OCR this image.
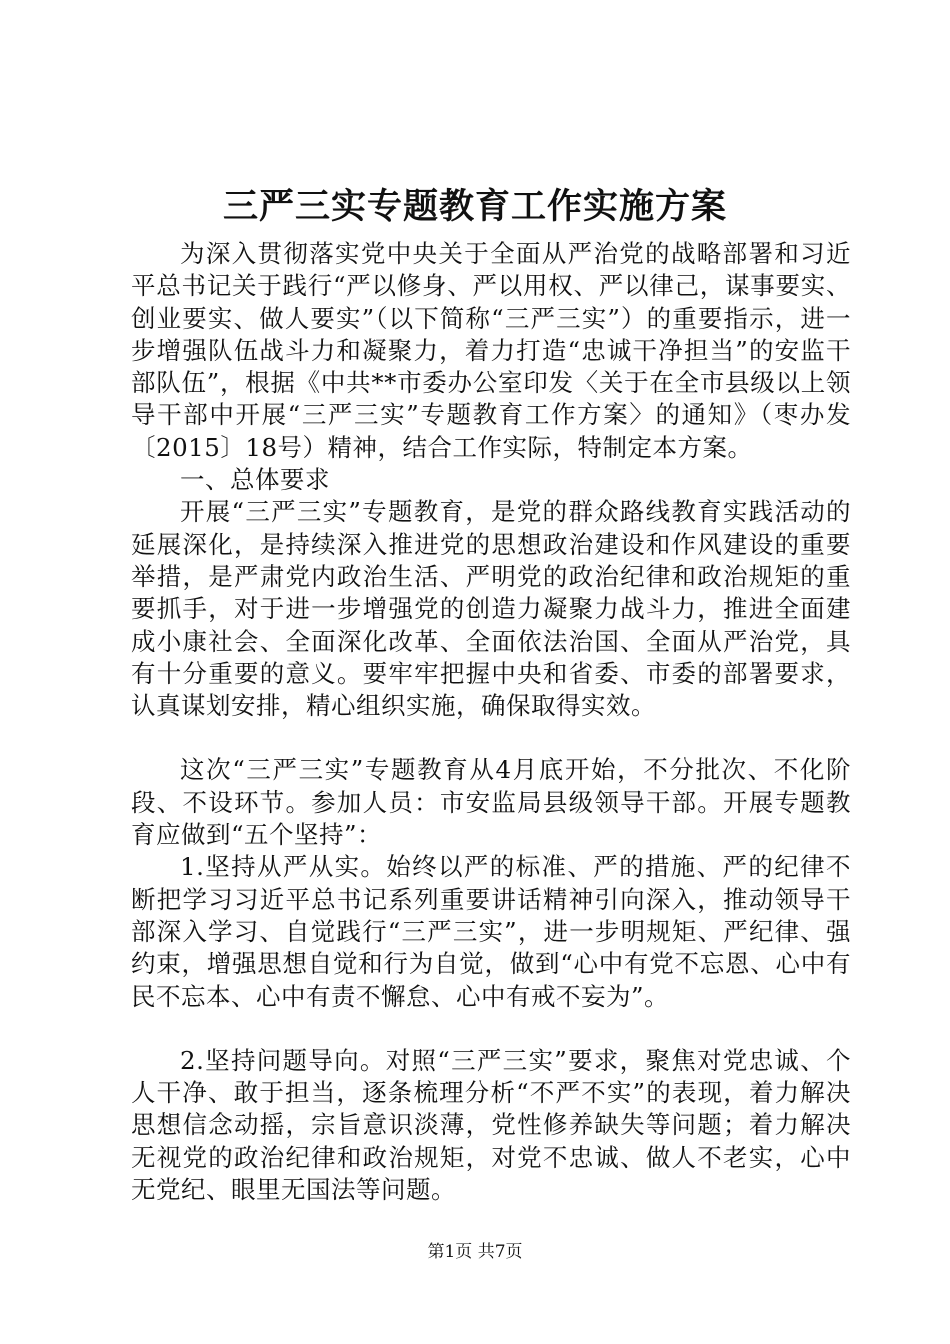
三严三实专题教育工作实施方案

为深入贯彻落实党中央关于全面从严治党的战略部署和习近平总书记关于践行“严以修身、严以用权、严以律己，谋事要实、创业要实、做人要实”（以下简称“三严三实”）的重要指示，进一步增强队伍战斗力和凝聚力，着力打造“忠诚干净担当”的安监干部队伍”，根据《中共**市委办公室印发〈关于在全市县级以上领导干部中开展“三严三实”专题教育工作方案〉的通知》（枣办发〔2015〕18号）精神，结合工作实际，特制定本方案。

一、总体要求

开展“三严三实”专题教育，是党的群众路线教育实践活动的延展深化，是持续深入推进党的思想政治建设和作风建设的重要举措，是严肃党内政治生活、严明党的政治纪律和政治规矩的重要抓手，对于进一步增强党的创造力凝聚力战斗力，推进全面建成小康社会、全面深化改革、全面依法治国、全面从严治党，具有十分重要的意义。要牢牢把握中央和省委、市委的部署要求，认真谋划安排，精心组织实施，确保取得实效。

这次“三严三实”专题教育从4月底开始，不分批次、不化阶段、不设环节。参加人员：市安监局县级领导干部。开展专题教育应做到“五个坚持”：

1.坚持从严从实。始终以严的标准、严的措施、严的纪律不断把学习习近平总书记系列重要讲话精神引向深入，推动领导干部深入学习、自觉践行“三严三实”，进一步明规矩、严纪律、强约束，增强思想自觉和行为自觉，做到“心中有党不忘恩、心中有民不忘本、心中有责不懈怠、心中有戒不妄为”。

2.坚持问题导向。对照“三严三实”要求，聚焦对党忠诚、个人干净、敢于担当，逐条梳理分析“不严不实”的表现，着力解决思想信念动摇，宗旨意识淡薄，党性修养缺失等问题；着力解决无视党的政治纪律和政治规矩，对党不忠诚、做人不老实，心中无党纪、眼里无国法等问题。

第1页 共7页
